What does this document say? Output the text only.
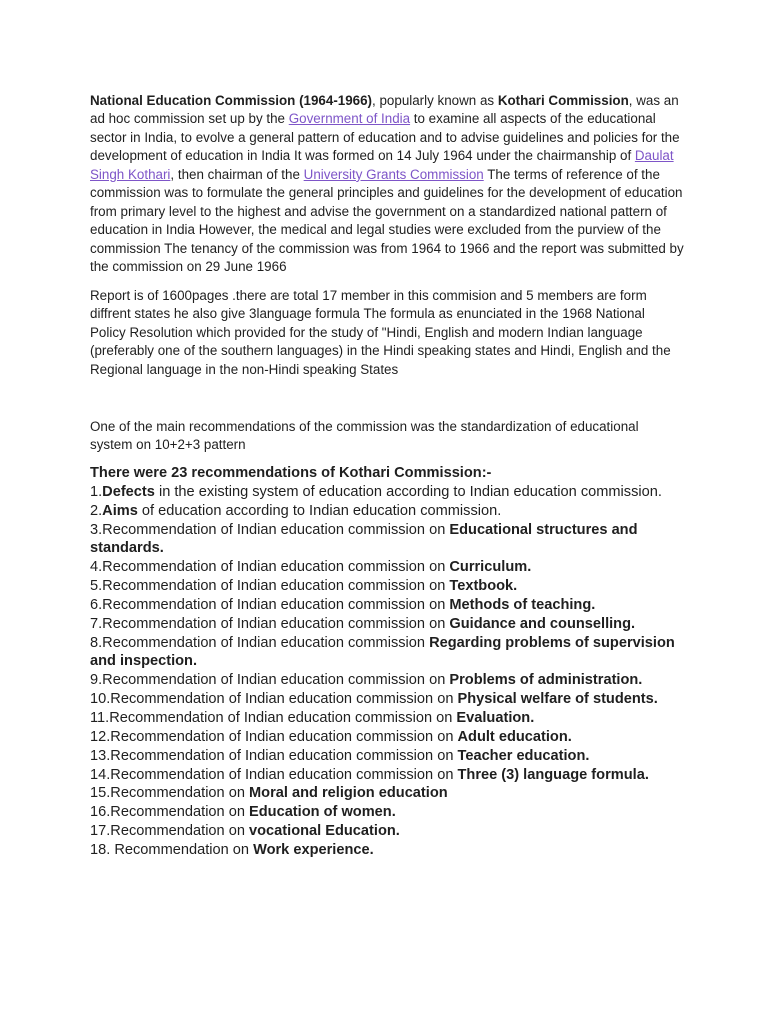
National Education Commission (1964-1966), popularly known as Kothari Commission, was an ad hoc commission set up by the Government of India to examine all aspects of the educational sector in India, to evolve a general pattern of education and to advise guidelines and policies for the development of education in India It was formed on 14 July 1964 under the chairmanship of Daulat Singh Kothari, then chairman of the University Grants Commission The terms of reference of the commission was to formulate the general principles and guidelines for the development of education from primary level to the highest and advise the government on a standardized national pattern of education in India However, the medical and legal studies were excluded from the purview of the commission The tenancy of the commission was from 1964 to 1966 and the report was submitted by the commission on 29 June 1966
Report is of 1600pages .there are total 17 member in this commision and 5 members are form diffrent states he also give 3language formula The formula as enunciated in the 1968 National Policy Resolution which provided for the study of "Hindi, English and modern Indian language (preferably one of the southern languages) in the Hindi speaking states and Hindi, English and the Regional language in the non-Hindi speaking States
One of the main recommendations of the commission was the standardization of educational system on 10+2+3 pattern
There were 23 recommendations of Kothari Commission:-
1.Defects in the existing system of education according to Indian education commission.
2.Aims of education according to Indian education commission.
3.Recommendation of Indian education commission on Educational structures and standards.
4.Recommendation of Indian education commission on Curriculum.
5.Recommendation of Indian education commission on Textbook.
6.Recommendation of Indian education commission on Methods of teaching.
7.Recommendation of Indian education commission on Guidance and counselling.
8.Recommendation of Indian education commission Regarding problems of supervision and inspection.
9.Recommendation of Indian education commission on Problems of administration.
10.Recommendation of Indian education commission on Physical welfare of students.
11.Recommendation of Indian education commission on Evaluation.
12.Recommendation of Indian education commission on Adult education. 13.Recommendation of Indian education commission on Teacher education.
14.Recommendation of Indian education commission on Three (3) language formula.
15.Recommendation on Moral and religion education
16.Recommendation on Education of women.
17.Recommendation on vocational Education.
18. Recommendation on Work experience.
